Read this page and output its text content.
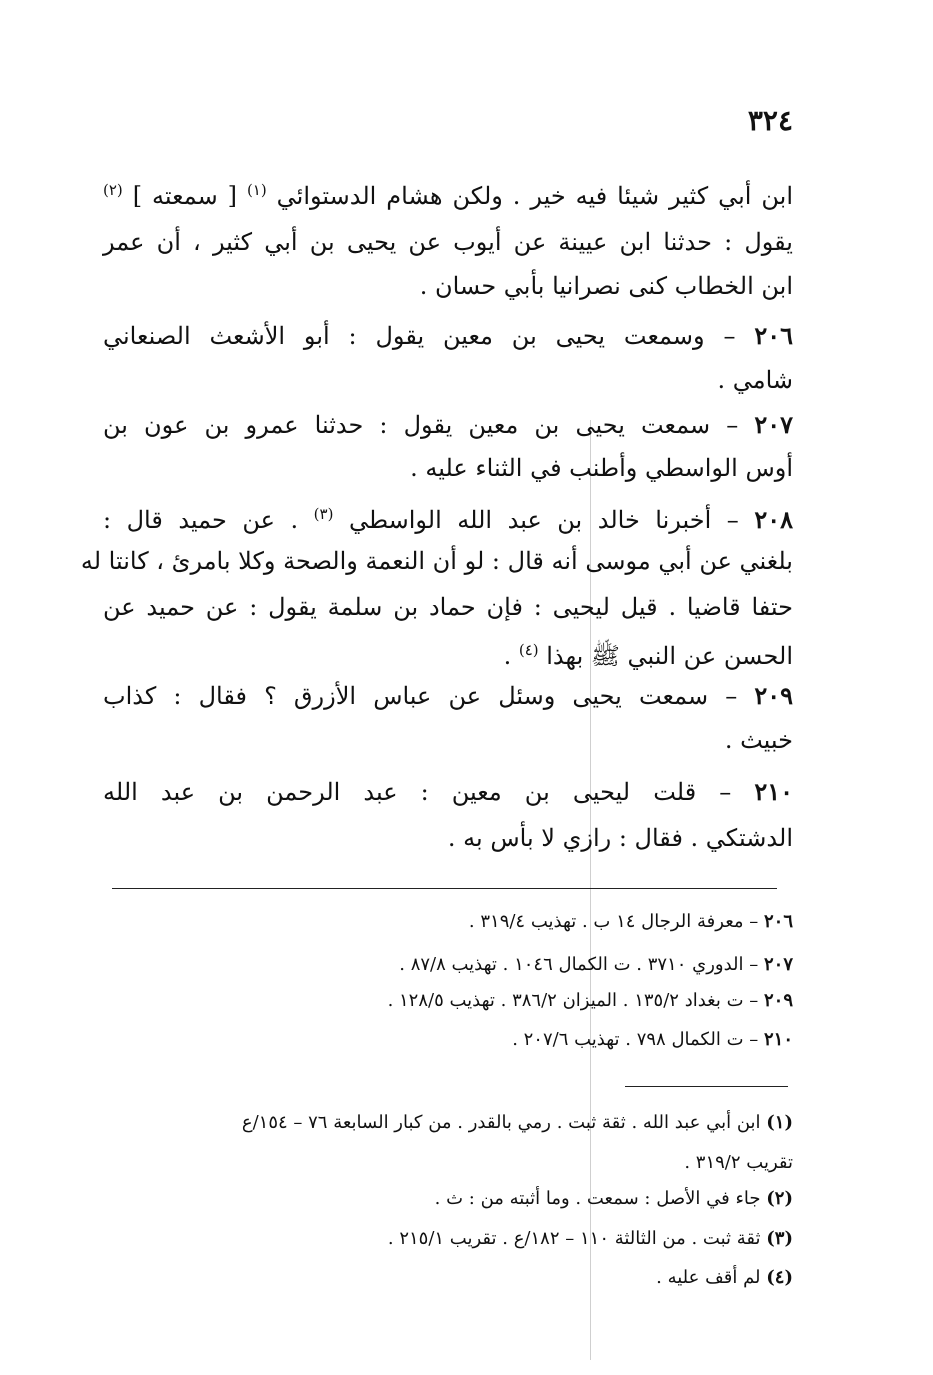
٣٢٤
ابن أبي كثير شيئا فيه خير . ولكن هشام الدستوائي $^{(١)}$ [ سمعته ] $^{(٢)}$
يقول : حدثنا ابن عيينة عن أيوب عن يحيى بن أبي كثير ، أن عمر
ابن الخطاب كنى نصرانيا بأبي حسان .
٢٠٦ – وسمعت يحيى بن معين يقول : أبو الأشعث الصنعاني
شامي .
٢٠٧ – سمعت يحيى بن معين يقول : حدثنا عمرو بن عون بن
أوس الواسطي وأطنب في الثناء عليه .
٢٠٨ – أخبرنا خالد بن عبد الله الواسطي $^{(٣)}$ . عن حميد قال :
بلغني عن أبي موسى أنه قال : لو أن النعمة والصحة وكلا بامرئ ، كانتا له
حتفا قاضيا . قيل ليحيى : فإن حماد بن سلمة يقول : عن حميد عن
الحسن عن النبي ﷺ بهذا $^{(٤)}$ .
٢٠٩ – سمعت يحيى وسئل عن عباس الأزرق ؟ فقال : كذاب
خبيث .
٢١٠ – قلت ليحيى بن معين : عبد الرحمن بن عبد الله
الدشتكي . فقال : رازي لا بأس به .
٢٠٦ – معرفة الرجال ١٤ ب . تهذيب ٣١٩/٤ .
٢٠٧ – الدوري ٣٧١٠ . ت الكمال ١٠٤٦ . تهذيب ٨٧/٨ .
٢٠٩ – ت بغداد ١٣٥/٢ . الميزان ٣٨٦/٢ . تهذيب ١٢٨/٥ .
٢١٠ – ت الكمال ٧٩٨ . تهذيب ٢٠٧/٦ .
(١) ابن أبي عبد الله . ثقة ثبت . رمي بالقدر . من كبار السابعة ٧٦ – ١٥٤/ع
تقريب ٣١٩/٢ .
(٢) جاء في الأصل : سمعت . وما أثبته من : ث .
(٣) ثقة ثبت . من الثالثة ١١٠ – ١٨٢/ع . تقريب ٢١٥/١ .
(٤) لم أقف عليه .
